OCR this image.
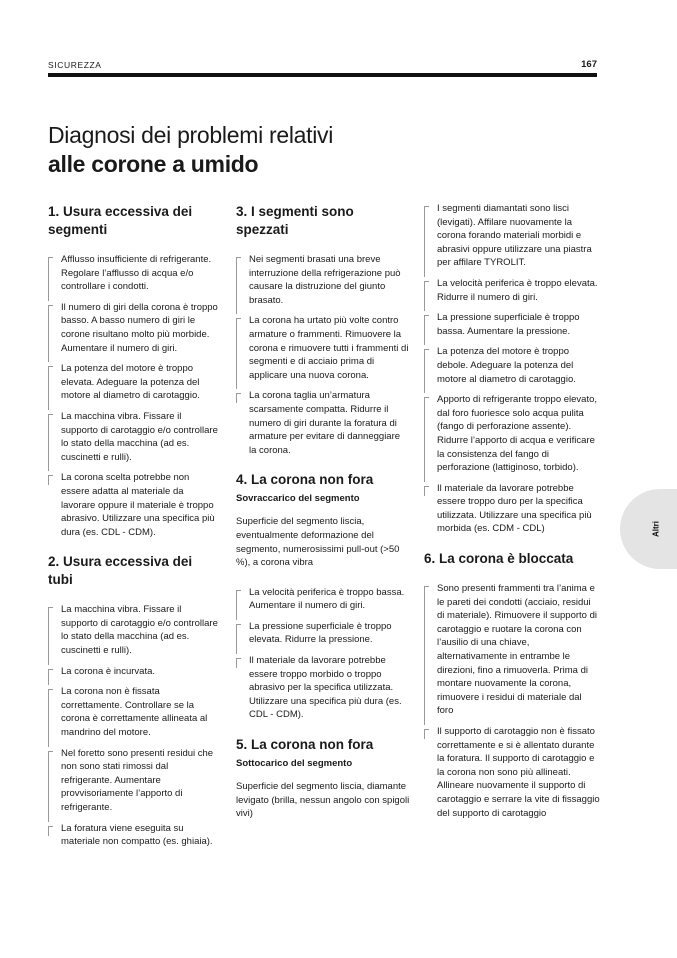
SICUREZZA	167
Diagnosi dei problemi relativi
alle corone a umido
1. Usura eccessiva dei segmenti
Afflusso insufficiente di refrigerante. Regolare l’afflusso di acqua e/o controllare i condotti.
Il numero di giri della corona è troppo basso. A basso numero di giri le corone risultano molto più morbide. Aumentare il numero di giri.
La potenza del motore è troppo elevata. Adeguare la potenza del motore al diametro di carotaggio.
La macchina vibra. Fissare il supporto di carotaggio e/o controllare lo stato della macchina (ad es. cuscinetti e rulli).
La corona scelta potrebbe non essere adatta al materiale da lavorare oppure il materiale è troppo abrasivo. Utilizzare una specifica più dura (es. CDL - CDM).
2. Usura eccessiva dei tubi
La macchina vibra. Fissare il supporto di carotaggio e/o controllare lo stato della macchina (ad es. cuscinetti e rulli).
La corona è incurvata.
La corona non è fissata correttamente. Controllare se la corona è correttamente allineata al mandrino del motore.
Nel foretto sono presenti residui che non sono stati rimossi dal refrigerante. Aumentare provvisoriamente l’apporto di refrigerante.
La foratura viene eseguita su materiale non compatto (es. ghiaia).
3. I segmenti sono spezzati
Nei segmenti brasati una breve interruzione della refrigerazione può causare la distruzione del giunto brasato.
La corona ha urtato più volte contro armature o frammenti. Rimuovere la corona e rimuovere tutti i frammenti di segmenti e di acciaio prima di applicare una nuova corona.
La corona taglia un’armatura scarsamente compatta. Ridurre il numero di giri durante la foratura di armature per evitare di danneggiare la corona.
4. La corona non fora
Sovraccarico del segmento

Superficie del segmento liscia, eventualmente deformazione del segmento, numerosissimi pull-out (>50 %), a corona vibra

La velocità periferica è troppo bassa. Aumentare il numero di giri.
La pressione superficiale è troppo elevata. Ridurre la pressione.
Il materiale da lavorare potrebbe essere troppo morbido o troppo abrasivo per la specifica utilizzata. Utilizzare una specifica più dura (es. CDL - CDM).
5. La corona non fora
Sottocarico del segmento

Superficie del segmento liscia, diamante levigato (brilla, nessun angolo con spigoli vivi)

I segmenti diamantati sono lisci (levigati). Affilare nuovamente la corona forando materiali morbidi e abrasivi oppure utilizzare una piastra per affilare TYROLIT.
La velocità periferica è troppo elevata. Ridurre il numero di giri.
La pressione superficiale è troppo bassa. Aumentare la pressione.
La potenza del motore è troppo debole. Adeguare la potenza del motore al diametro di carotaggio.
Apporto di refrigerante troppo elevato, dal foro fuoriesce solo acqua pulita (fango di perforazione assente). Ridurre l’apporto di acqua e verificare la consistenza del fango di perforazione (lattiginoso, torbido).
Il materiale da lavorare potrebbe essere troppo duro per la specifica utilizzata. Utilizzare una specifica più morbida (es. CDM - CDL)
6. La corona è bloccata
Sono presenti frammenti tra l’anima e le pareti dei condotti (acciaio, residui di materiale). Rimuovere il supporto di carotaggio e ruotare la corona con l’ausilio di una chiave, alternativamente in entrambe le direzioni, fino a rimuoverla. Prima di montare nuovamente la corona, rimuovere i residui di materiale dal foro
Il supporto di carotaggio non è fissato correttamente e si è allentato durante la foratura. Il supporto di carotaggio e la corona non sono più allineati. Allineare nuovamente il supporto di carotaggio e serrare la vite di fissaggio del supporto di carotaggio
Altri
